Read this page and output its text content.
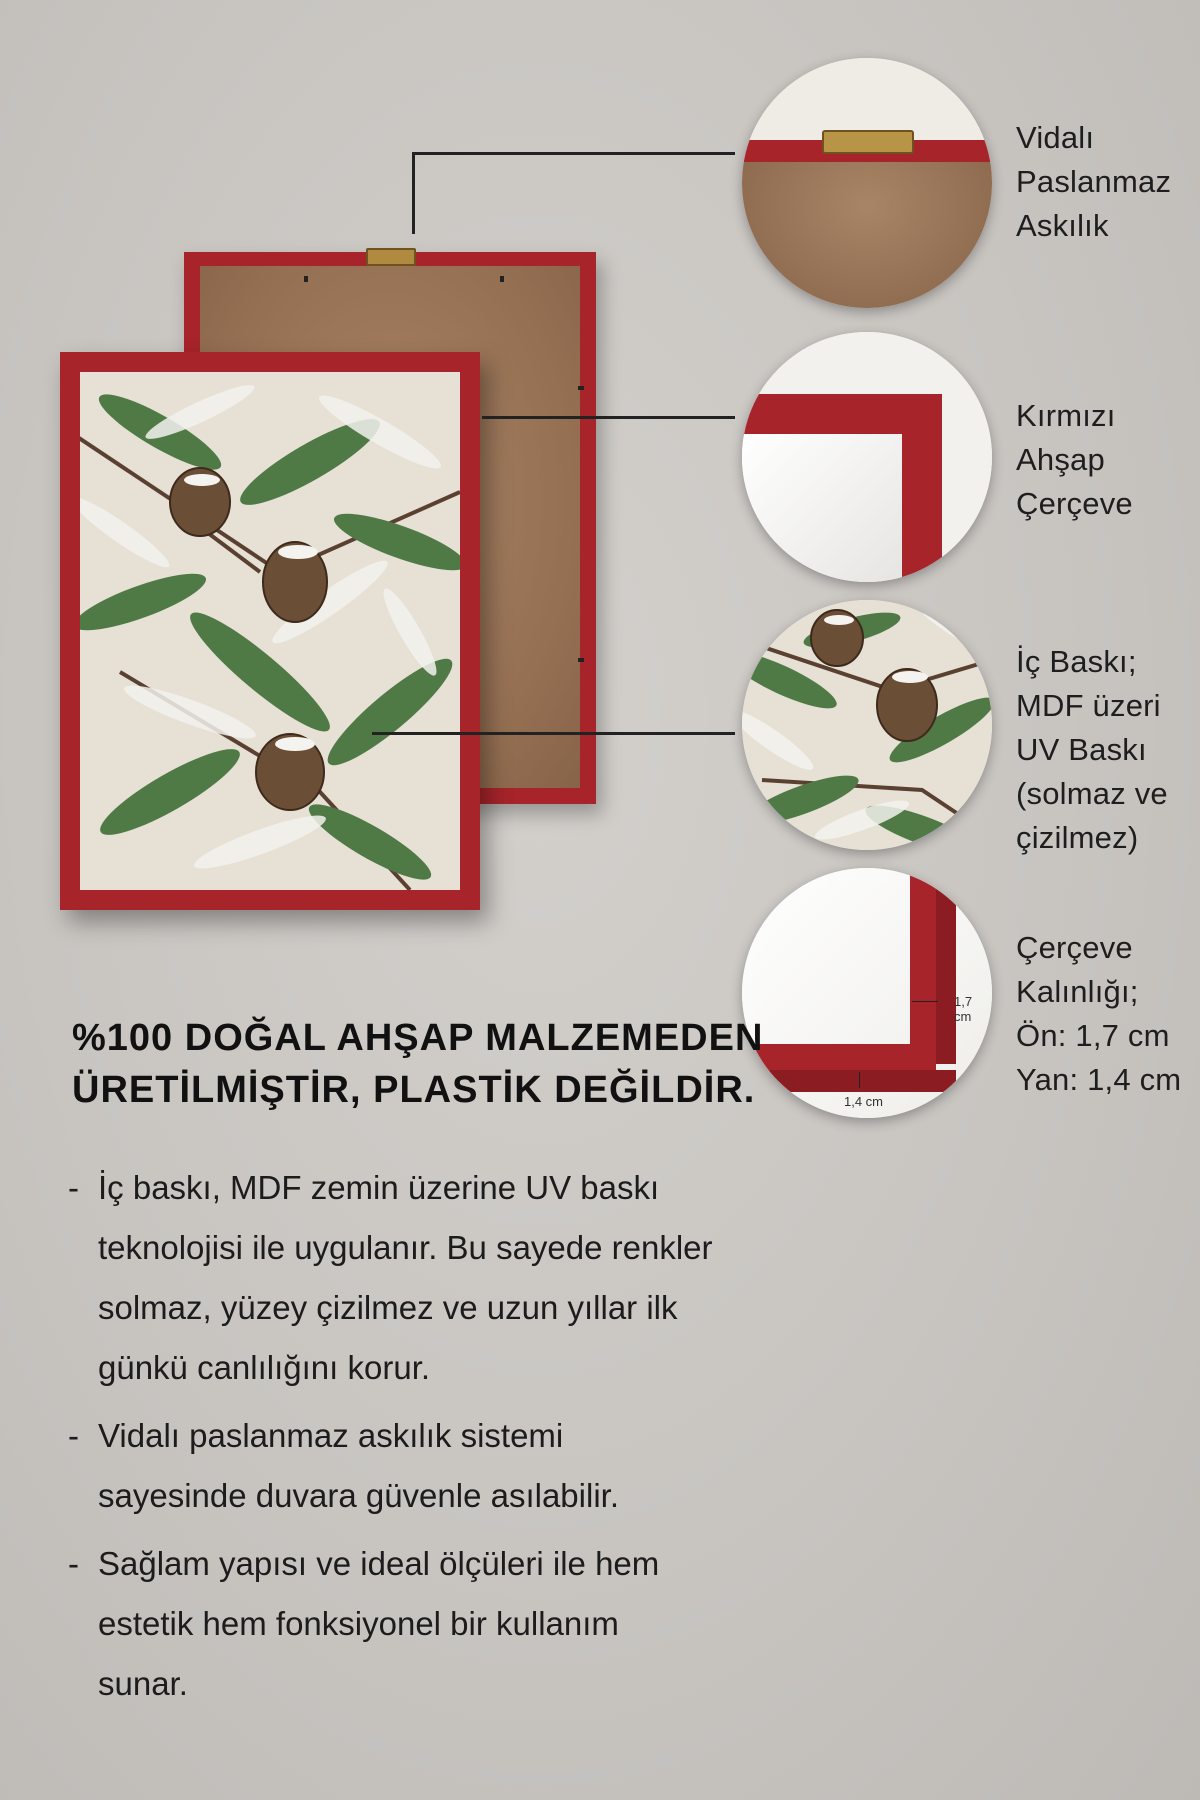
Vidalı
Paslanmaz
Askılık
Kırmızı
Ahşap
Çerçeve
İç Baskı;
MDF üzeri
UV Baskı
(solmaz ve
çizilmez)
1,7 cm
1,4 cm
Çerçeve
Kalınlığı;
Ön: 1,7 cm
Yan: 1,4 cm
%100 DOĞAL AHŞAP MALZEMEDEN
ÜRETİLMİŞTİR, PLASTİK DEĞİLDİR.
- İç baskı, MDF zemin üzerine UV baskı
teknolojisi ile uygulanır. Bu sayede renkler
solmaz, yüzey çizilmez ve uzun yıllar ilk
günkü canlılığını korur.
- Vidalı paslanmaz askılık sistemi
sayesinde duvara güvenle asılabilir.
- Sağlam yapısı ve ideal ölçüleri ile hem
estetik hem fonksiyonel bir kullanım
sunar.
